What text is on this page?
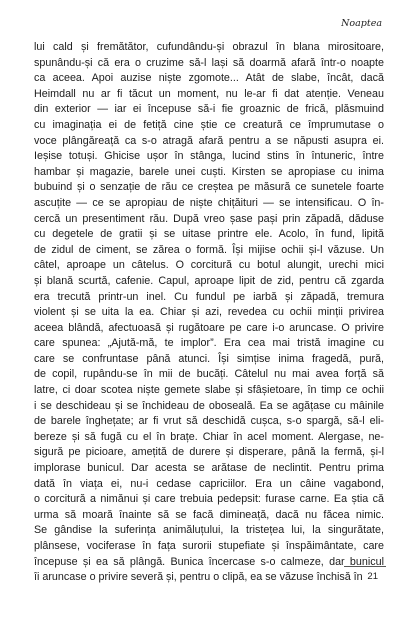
Noaptea
lui cald și fremătător, cufundându-și obrazul în blana mirositoare,
spunându-și că era o cruzime să-l lași să doarmă afară într-o noapte
ca aceea. Apoi auzise niște zgomote... Atât de slabe, încât, dacă
Heimdall nu ar fi tăcut un moment, nu le-ar fi dat atenție. Veneau
din exterior — iar ei începuse să-i fie groaznic de frică, plăsmuind
cu imaginația ei de fetiță cine știe ce creatură ce împrumutase o
voce plângăreață ca s-o atragă afară pentru a se năpusti asupra ei.
Ieșise totuși. Ghicise ușor în stânga, lucind stins în întuneric, între
hambar și magazie, barele unei cuști. Kirsten se apropiase cu inima
bubuind și o senzație de rău ce creștea pe măsură ce sunetele foarte
ascuțite — ce se apropiau de niște chițăituri — se intensificau. O în-
cercă un presentiment rău. După vreo șase pași prin zăpadă, dăduse
cu degetele de gratii și se uitase printre ele. Acolo, în fund, lipită
de zidul de ciment, se zărea o formă. Își mijise ochii și-l văzuse. Un
câtel, aproape un câtelus. O corcitură cu botul alungit, urechi mici
și blană scurtă, cafenie. Capul, aproape lipit de zid, pentru că zgarda
era trecută printr-un inel. Cu fundul pe iarbă și zăpadă, tremura
violent și se uita la ea. Chiar și azi, revedea cu ochii minții privirea
aceea blândă, afectuoasă și rugătoare pe care i-o aruncase. O privire
care spunea: „Ajută-mă, te implor”. Era cea mai tristă imagine cu
care se confruntase până atunci. Își simțise inima fragedă, pură,
de copil, rupându-se în mii de bucăți. Câtelul nu mai avea forță să
latre, ci doar scotea niște gemete slabe și sfâșietoare, în timp ce ochii
i se deschideau și se închideau de oboseală. Ea se agățase cu mâinile
de barele înghețate; ar fi vrut să deschidă cușca, s-o spargă, să-l eli-
bereze și să fugă cu el în brațe. Chiar în acel moment. Alergase, ne-
sigură pe picioare, amețită de durere și disperare, până la fermă, și-l
implorase bunicul. Dar acesta se arătase de neclintit. Pentru prima
dată în viața ei, nu-i cedase capriciilor. Era un câine vagabond,
o corcitură a nimănui și care trebuia pedepsit: furase carne. Ea știa că
urma să moară înainte să se facă dimineață, dacă nu făcea nimic.
Se gândise la suferința animăluțului, la tristețea lui, la singurătate,
plânsese, vociferase în fața surorii stupefiate și înspăimântate, care
începuse și ea să plângă. Bunica încercase s-o calmeze, dar bunicul
îi aruncase o privire severă și, pentru o clipă, ea se văzuse închisă în 21
